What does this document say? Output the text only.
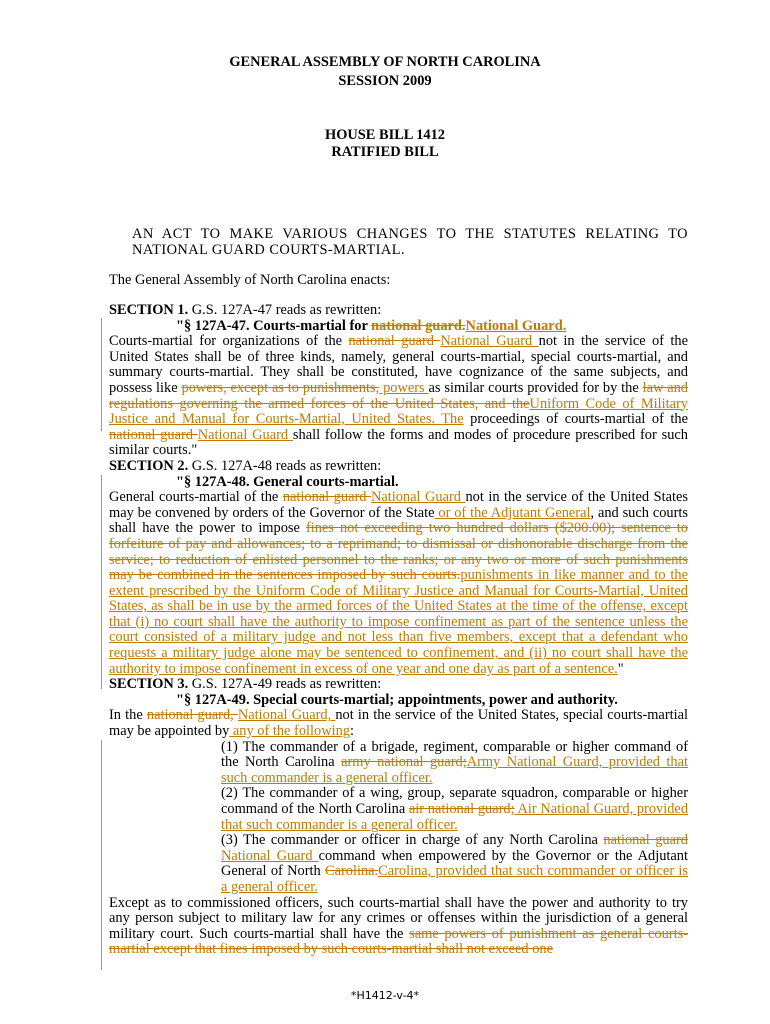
GENERAL ASSEMBLY OF NORTH CAROLINA
SESSION 2009
HOUSE BILL 1412
RATIFIED BILL
AN ACT TO MAKE VARIOUS CHANGES TO THE STATUTES RELATING TO NATIONAL GUARD COURTS-MARTIAL.
The General Assembly of North Carolina enacts:
SECTION 1. G.S. 127A-47 reads as rewritten:
"§ 127A-47. Courts-martial for national guard.National Guard.

Courts-martial for organizations of the national guard National Guard not in the service of the United States shall be of three kinds, namely, general courts-martial, special courts-martial, and summary courts-martial. They shall be constituted, have cognizance of the same subjects, and possess like powers, except as to punishments, powers as similar courts provided for by the law and regulations governing the armed forces of the United States, and theUniform Code of Military Justice and Manual for Courts-Martial, United States. The proceedings of courts-martial of the national guard National Guard shall follow the forms and modes of procedure prescribed for such similar courts."

SECTION 2. G.S. 127A-48 reads as rewritten:
"§ 127A-48. General courts-martial.

General courts-martial of the national guard National Guard not in the service of the United States may be convened by orders of the Governor of the State or of the Adjutant General, and such courts shall have the power to impose fines not exceeding two hundred dollars ($200.00); sentence to forfeiture of pay and allowances; to a reprimand; to dismissal or dishonorable discharge from the service; to reduction of enlisted personnel to the ranks; or any two or more of such punishments may be combined in the sentences imposed by such courts.punishments in like manner and to the extent prescribed by the Uniform Code of Military Justice and Manual for Courts-Martial, United States, as shall be in use by the armed forces of the United States at the time of the offense, except that (i) no court shall have the authority to impose confinement as part of the sentence unless the court consisted of a military judge and not less than five members, except that a defendant who requests a military judge alone may be sentenced to confinement, and (ii) no court shall have the authority to impose confinement in excess of one year and one day as part of a sentence."

SECTION 3. G.S. 127A-49 reads as rewritten:
"§ 127A-49. Special courts-martial; appointments, power and authority.

In the national guard, National Guard, not in the service of the United States, special courts-martial may be appointed by any of the following:

(1) The commander of a brigade, regiment, comparable or higher command of the North Carolina army national guard;Army National Guard, provided that such commander is a general officer.

(2) The commander of a wing, group, separate squadron, comparable or higher command of the North Carolina air national guard; Air National Guard, provided that such commander is a general officer.

(3) The commander or officer in charge of any North Carolina national guard National Guard command when empowered by the Governor or the Adjutant General of North Carolina.Carolina, provided that such commander or officer is a general officer.

Except as to commissioned officers, such courts-martial shall have the power and authority to try any person subject to military law for any crimes or offenses within the jurisdiction of a general military court. Such courts-martial shall have the same powers of punishment as general courts-martial except that fines imposed by such courts-martial shall not exceed one

*H1412-v-4*
